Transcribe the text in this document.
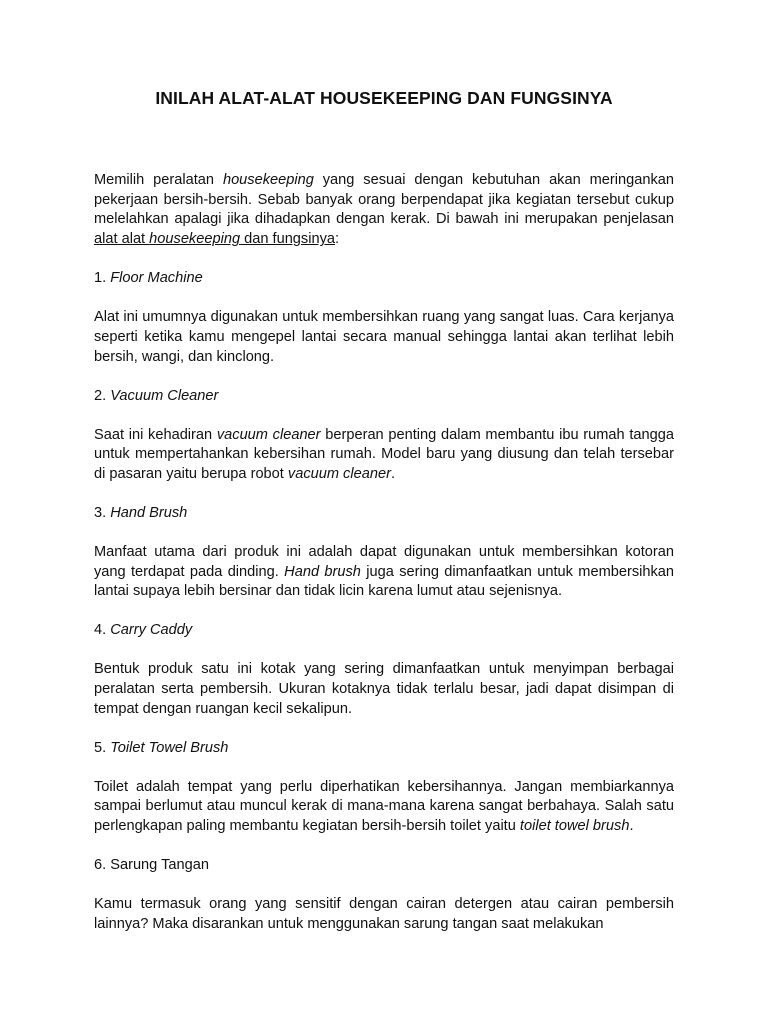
INILAH ALAT-ALAT HOUSEKEEPING DAN FUNGSINYA

Memilih peralatan housekeeping yang sesuai dengan kebutuhan akan meringankan pekerjaan bersih-bersih. Sebab banyak orang berpendapat jika kegiatan tersebut cukup melelahkan apalagi jika dihadapkan dengan kerak. Di bawah ini merupakan penjelasan alat alat housekeeping dan fungsinya:

1. Floor Machine

Alat ini umumnya digunakan untuk membersihkan ruang yang sangat luas. Cara kerjanya seperti ketika kamu mengepel lantai secara manual sehingga lantai akan terlihat lebih bersih, wangi, dan kinclong.

2. Vacuum Cleaner

Saat ini kehadiran vacuum cleaner berperan penting dalam membantu ibu rumah tangga untuk mempertahankan kebersihan rumah. Model baru yang diusung dan telah tersebar di pasaran yaitu berupa robot vacuum cleaner.

3. Hand Brush

Manfaat utama dari produk ini adalah dapat digunakan untuk membersihkan kotoran yang terdapat pada dinding. Hand brush juga sering dimanfaatkan untuk membersihkan lantai supaya lebih bersinar dan tidak licin karena lumut atau sejenisnya.

4. Carry Caddy

Bentuk produk satu ini kotak yang sering dimanfaatkan untuk menyimpan berbagai peralatan serta pembersih. Ukuran kotaknya tidak terlalu besar, jadi dapat disimpan di tempat dengan ruangan kecil sekalipun.

5. Toilet Towel Brush

Toilet adalah tempat yang perlu diperhatikan kebersihannya. Jangan membiarkannya sampai berlumut atau muncul kerak di mana-mana karena sangat berbahaya. Salah satu perlengkapan paling membantu kegiatan bersih-bersih toilet yaitu toilet towel brush.

6. Sarung Tangan

Kamu termasuk orang yang sensitif dengan cairan detergen atau cairan pembersih lainnya? Maka disarankan untuk menggunakan sarung tangan saat melakukan
